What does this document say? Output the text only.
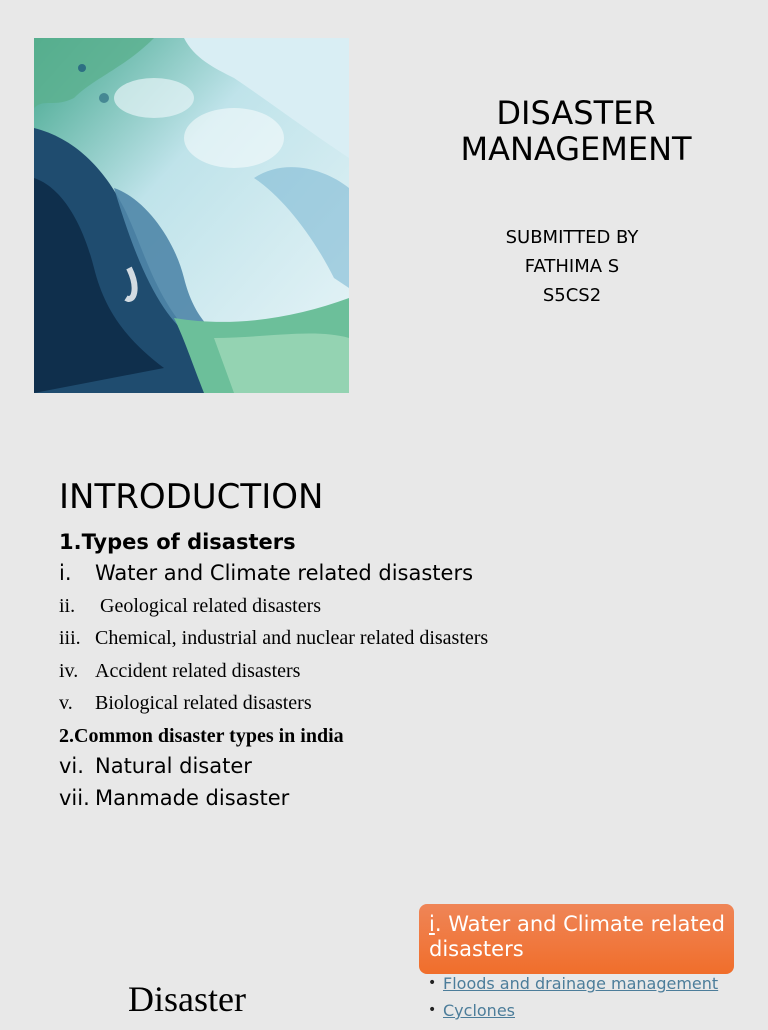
DISASTER
MANAGEMENT
SUBMITTED BY
FATHIMA S
S5CS2
INTRODUCTION
1.Types of disasters
i. Water and Climate related disasters
ii. Geological related disasters
iii. Chemical, industrial and nuclear related disasters
iv. Accident related disasters
v. Biological related disasters
2.Common disaster types in india
vi. Natural disater
vii. Manmade disaster
i. Water and Climate related disasters
• Floods and drainage management
• Cyclones
Disaster
